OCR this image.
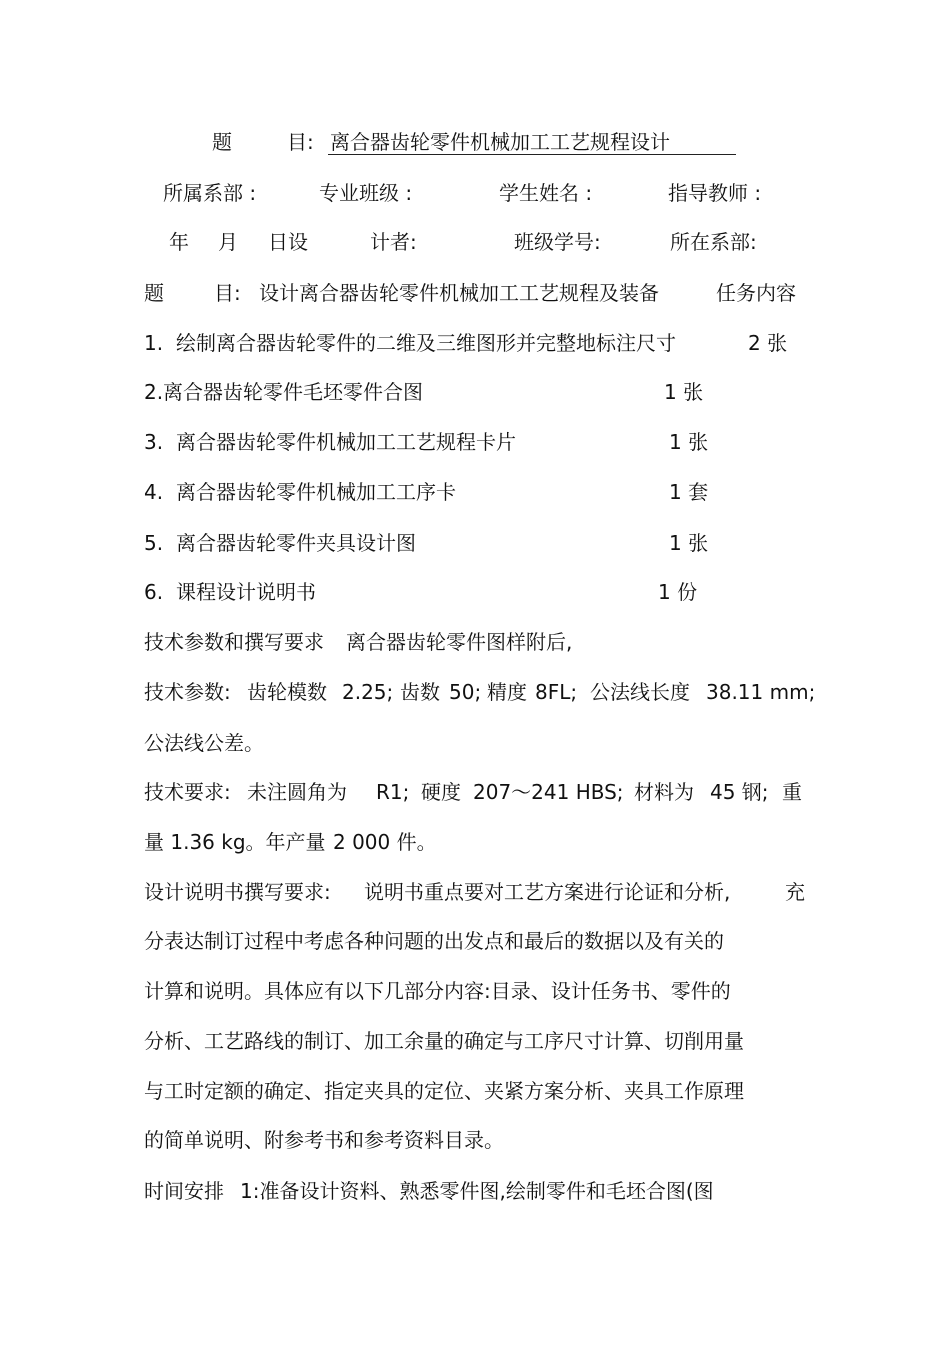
题	目: 离合器齿轮零件机械加工工艺规程设计
所属系部 :	专业班级 :	学生姓名 :	指导教师 :
年 月 日设	计者:	班级学号:	所在系部:
题	目: 设计离合器齿轮零件机械加工工艺规程及装备	任务内容
1. 绘制离合器齿轮零件的二维及三维图形并完整地标注尺寸	2 张
2. 离合器齿轮零件毛坯零件合图	1 张
3. 离合器齿轮零件机械加工工艺规程卡片	1 张
4. 离合器齿轮零件机械加工工序卡	1 套
5. 离合器齿轮零件夹具设计图	1 张
6. 课程设计说明书	1 份
技术参数和撰写要求 离合器齿轮零件图样附后,
技术参数: 齿轮模数 2.25; 齿数 50; 精度 8FL; 公法线长度 38.11 mm;
公法线公差。
技术要求: 未注圆角为 R1; 硬度 207～241 HBS; 材料为 45 钢; 重
量 1.36 kg。年产量 2 000 件。
设计说明书撰写要求: 说明书重点要对工艺方案进行论证和分析,	充
分表达制订过程中考虑各种问题的出发点和最后的数据以及有关的
计算和说明。具体应有以下几部分内容:目录、设计任务书、零件的
分析、工艺路线的制订、加工余量的确定与工序尺寸计算、切削用量
与工时定额的确定、指定夹具的定位、夹紧方案分析、夹具工作原理
的简单说明、附参考书和参考资料目录。
时间安排 1:准备设计资料、熟悉零件图,绘制零件和毛坯合图(图
